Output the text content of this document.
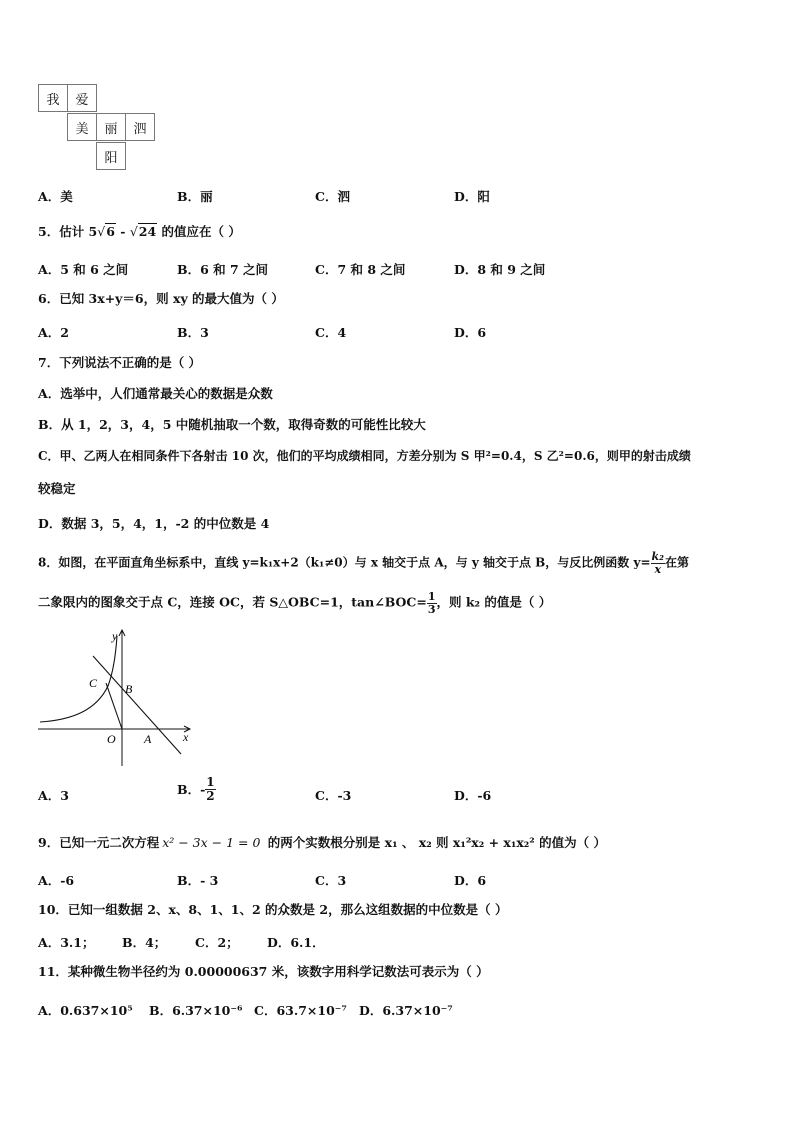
我	爱
美	丽	泗
阳
A．美	B．丽	C．泗	D．阳
5．估计 5√6 - √24 的值应在（ ）
A．5 和 6 之间	B．6 和 7 之间	C．7 和 8 之间	D．8 和 9 之间
6．已知 3x+y＝6，则 xy 的最大值为（ ）
A．2	B．3	C．4	D．6
7．下列说法不正确的是（ ）
A．选举中，人们通常最关心的数据是众数
B．从 1，2，3，4，5 中随机抽取一个数，取得奇数的可能性比较大
C．甲、乙两人在相同条件下各射击 10 次，他们的平均成绩相同，方差分别为 S 甲²=0.4，S 乙²=0.6，则甲的射击成绩
较稳定
D．数据 3，5，4，1，-2 的中位数是 4
8．如图，在平面直角坐标系中，直线 y=k₁x+2（k₁≠0）与 x 轴交于点 A，与 y 轴交于点 B，与反比例函数 $y= \frac{\text{k₂}}{x}$ 在第
二象限内的图象交于点 C，连接 OC，若 S△OBC=1，tan∠BOC= $\frac{1}{3}$ ，则 k₂ 的值是（ ）
y
x
C B
O A
A．3	B．- $\frac{1}{2}$	C．-3	D．-6
9．已知一元二次方程 x² − 3x − 1 = 0 的两个实数根分别是 x₁ 、 x₂ 则 x₁²x₂ + x₁x₂² 的值为（ ）
A．-6	B．- 3	C．3	D．6
10．已知一组数据 2、x、8、1、1、2 的众数是 2，那么这组数据的中位数是（ ）
A．3.1； B．4； C．2； D．6.1．
11．某种微生物半径约为 0.00000637 米，该数字用科学记数法可表示为（ ）
A．0.637×10⁵ B．6.37×10⁻⁶ C．63.7×10⁻⁷ D．6.37×10⁻⁷
